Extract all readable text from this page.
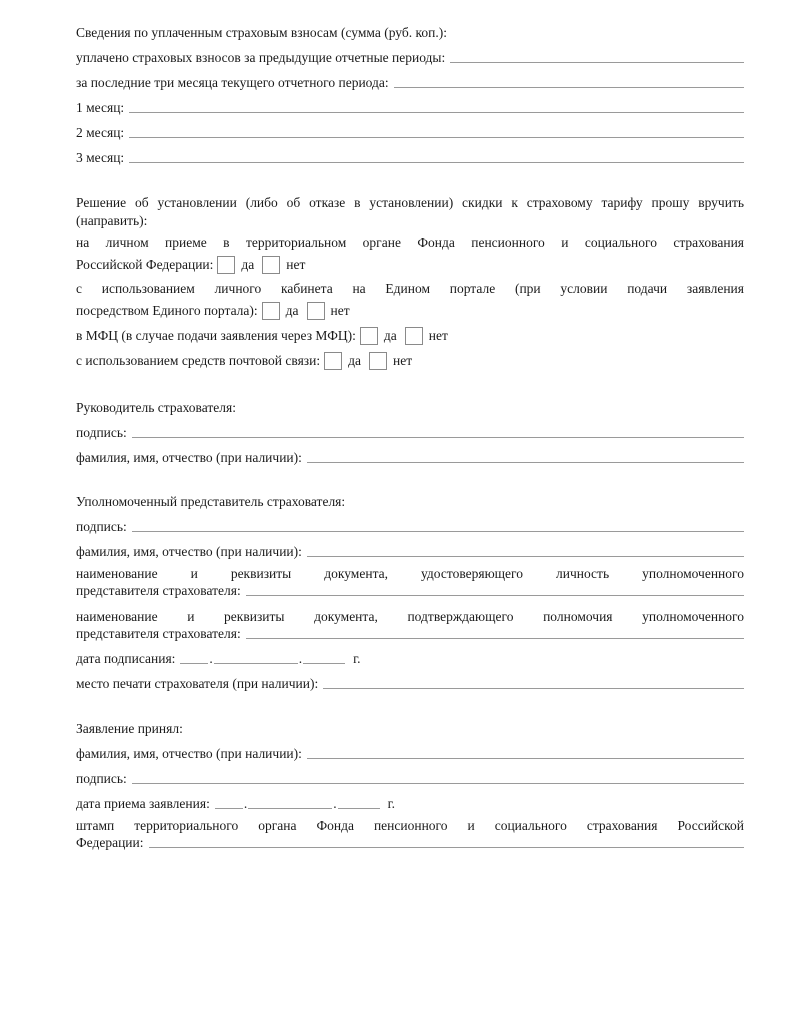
Сведения по уплаченным страховым взносам (сумма (руб. коп.):
уплачено страховых взносов за предыдущие отчетные периоды:
за последние три месяца текущего отчетного периода:
1 месяц:
2 месяц:
3 месяц:
Решение об установлении (либо об отказе в установлении) скидки к страховому тарифу прошу вручить (направить):
на личном приеме в территориальном органе Фонда пенсионного и социального страхования
Российской Федерации: да нет
с использованием личного кабинета на Едином портале (при условии подачи заявления
посредством Единого портала): да нет
в МФЦ (в случае подачи заявления через МФЦ): да нет
с использованием средств почтовой связи: да нет
Руководитель страхователя:
подпись:
фамилия, имя, отчество (при наличии):
Уполномоченный представитель страхователя:
подпись:
фамилия, имя, отчество (при наличии):
наименование и реквизиты документа, удостоверяющего личность уполномоченного
представителя страхователя:
наименование и реквизиты документа, подтверждающего полномочия уполномоченного
представителя страхователя:
дата подписания:	.	.	г.
место печати страхователя (при наличии):
Заявление принял:
фамилия, имя, отчество (при наличии):
подпись:
дата приема заявления:	.	.	г.
штамп территориального органа Фонда пенсионного и социального страхования Российской
Федерации:
